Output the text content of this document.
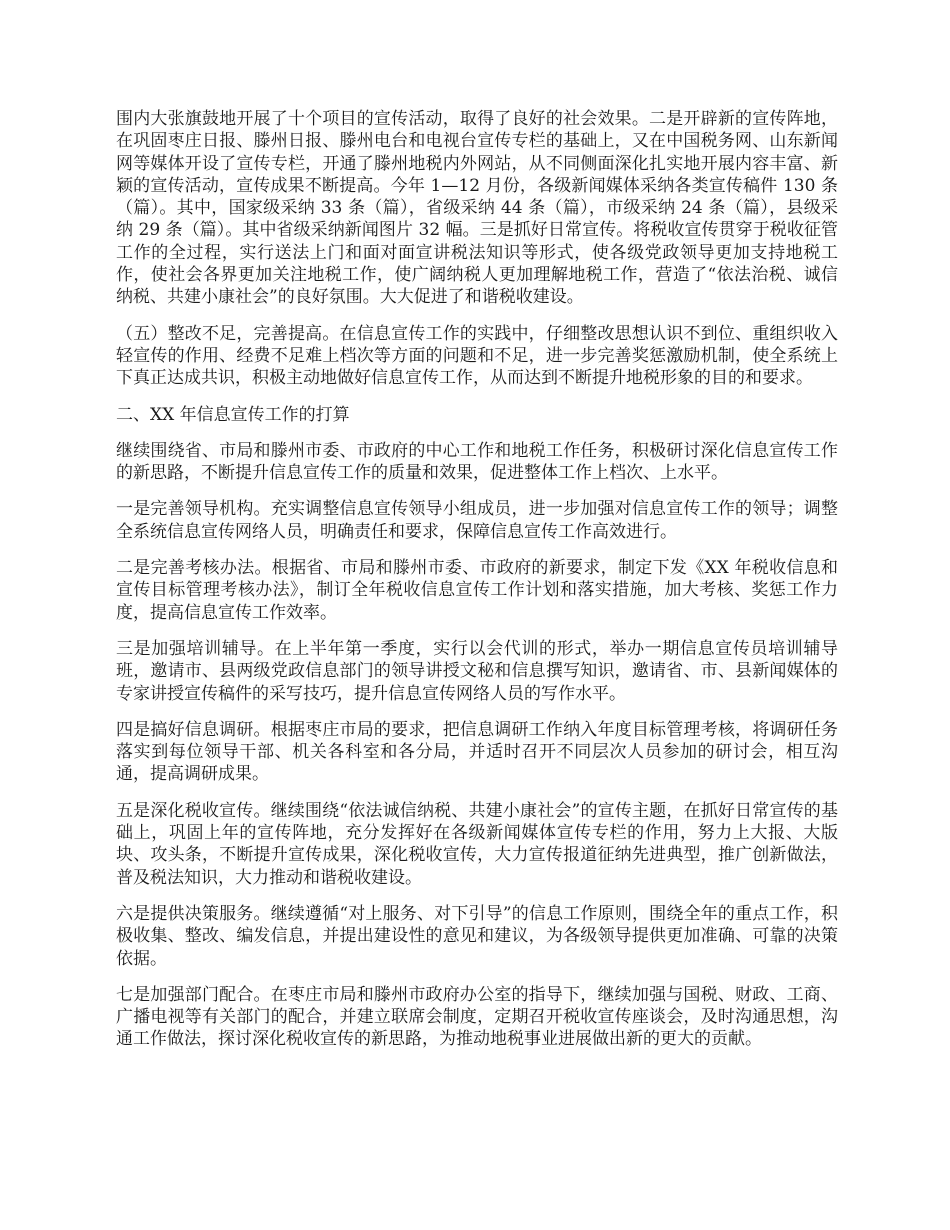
围内大张旗鼓地开展了十个项目的宣传活动，取得了良好的社会效果。二是开辟新的宣传阵地，在巩固枣庄日报、滕州日报、滕州电台和电视台宣传专栏的基础上，又在中国税务网、山东新闻网等媒体开设了宣传专栏，开通了滕州地税内外网站，从不同侧面深化扎实地开展内容丰富、新颖的宣传活动，宣传成果不断提高。今年 1—12 月份，各级新闻媒体采纳各类宣传稿件 130 条（篇）。其中，国家级采纳 33 条（篇），省级采纳 44 条（篇），市级采纳 24 条（篇），县级采纳 29 条（篇）。其中省级采纳新闻图片 32 幅。三是抓好日常宣传。将税收宣传贯穿于税收征管工作的全过程，实行送法上门和面对面宣讲税法知识等形式，使各级党政领导更加支持地税工作，使社会各界更加关注地税工作，使广阔纳税人更加理解地税工作，营造了“依法治税、诚信纳税、共建小康社会”的良好氛围。大大促进了和谐税收建设。

（五）整改不足，完善提高。在信息宣传工作的实践中，仔细整改思想认识不到位、重组织收入轻宣传的作用、经费不足难上档次等方面的问题和不足，进一步完善奖惩激励机制，使全系统上下真正达成共识，积极主动地做好信息宣传工作，从而达到不断提升地税形象的目的和要求。

二、XX 年信息宣传工作的打算

继续围绕省、市局和滕州市委、市政府的中心工作和地税工作任务，积极研讨深化信息宣传工作的新思路，不断提升信息宣传工作的质量和效果，促进整体工作上档次、上水平。

一是完善领导机构。充实调整信息宣传领导小组成员，进一步加强对信息宣传工作的领导；调整全系统信息宣传网络人员，明确责任和要求，保障信息宣传工作高效进行。

二是完善考核办法。根据省、市局和滕州市委、市政府的新要求，制定下发《XX 年税收信息和宣传目标管理考核办法》，制订全年税收信息宣传工作计划和落实措施，加大考核、奖惩工作力度，提高信息宣传工作效率。

三是加强培训辅导。在上半年第一季度，实行以会代训的形式，举办一期信息宣传员培训辅导班，邀请市、县两级党政信息部门的领导讲授文秘和信息撰写知识，邀请省、市、县新闻媒体的专家讲授宣传稿件的采写技巧，提升信息宣传网络人员的写作水平。

四是搞好信息调研。根据枣庄市局的要求，把信息调研工作纳入年度目标管理考核，将调研任务落实到每位领导干部、机关各科室和各分局，并适时召开不同层次人员参加的研讨会，相互沟通，提高调研成果。

五是深化税收宣传。继续围绕“依法诚信纳税、共建小康社会”的宣传主题，在抓好日常宣传的基础上，巩固上年的宣传阵地，充分发挥好在各级新闻媒体宣传专栏的作用，努力上大报、大版块、攻头条，不断提升宣传成果，深化税收宣传，大力宣传报道征纳先进典型，推广创新做法，普及税法知识，大力推动和谐税收建设。

六是提供决策服务。继续遵循“对上服务、对下引导”的信息工作原则，围绕全年的重点工作，积极收集、整改、编发信息，并提出建设性的意见和建议，为各级领导提供更加准确、可靠的决策依据。

七是加强部门配合。在枣庄市局和滕州市政府办公室的指导下，继续加强与国税、财政、工商、广播电视等有关部门的配合，并建立联席会制度，定期召开税收宣传座谈会，及时沟通思想，沟通工作做法，探讨深化税收宣传的新思路，为推动地税事业进展做出新的更大的贡献。
